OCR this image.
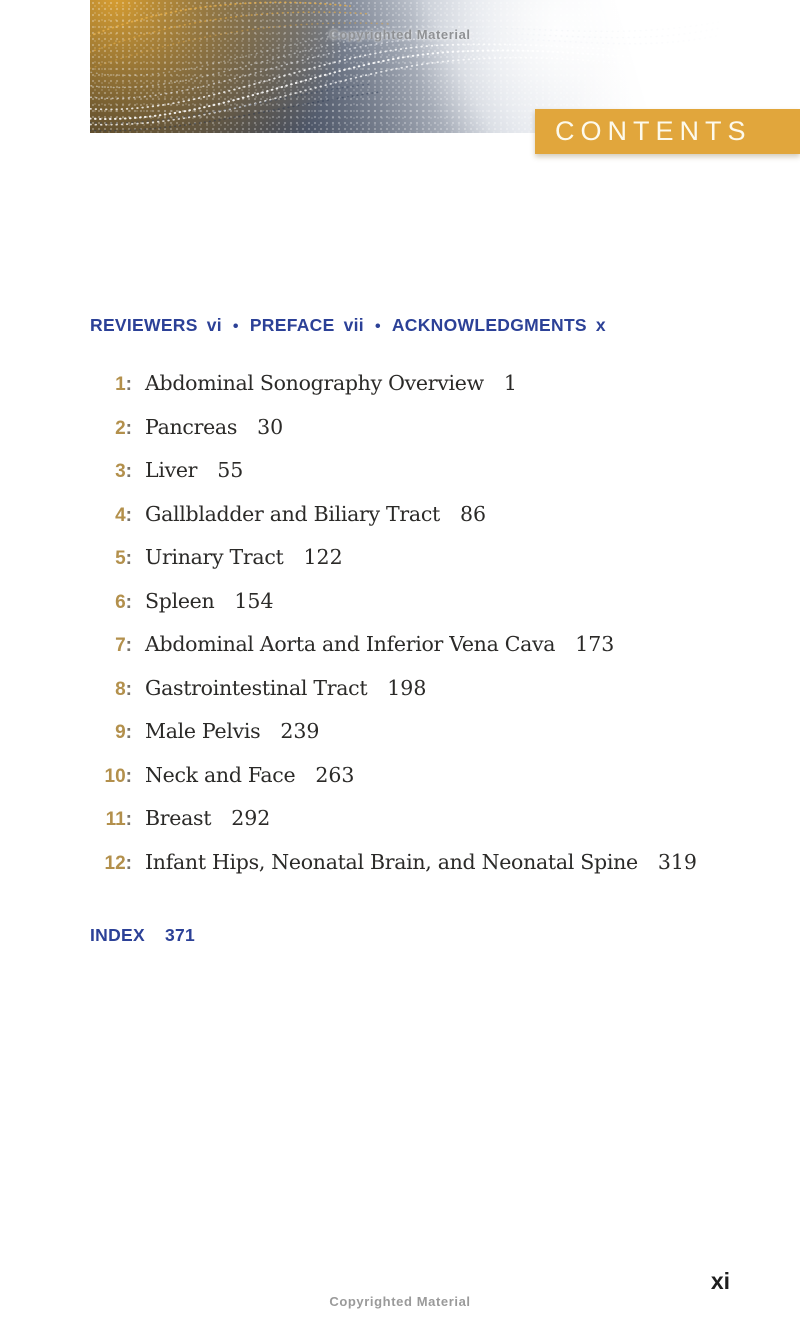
Copyrighted Material
CONTENTS
REVIEWERS vi • PREFACE vii • ACKNOWLEDGMENTS x
1: Abdominal Sonography Overview 1
2: Pancreas 30
3: Liver 55
4: Gallbladder and Biliary Tract 86
5: Urinary Tract 122
6: Spleen 154
7: Abdominal Aorta and Inferior Vena Cava 173
8: Gastrointestinal Tract 198
9: Male Pelvis 239
10: Neck and Face 263
11: Breast 292
12: Infant Hips, Neonatal Brain, and Neonatal Spine 319
INDEX 371
xi
Copyrighted Material
